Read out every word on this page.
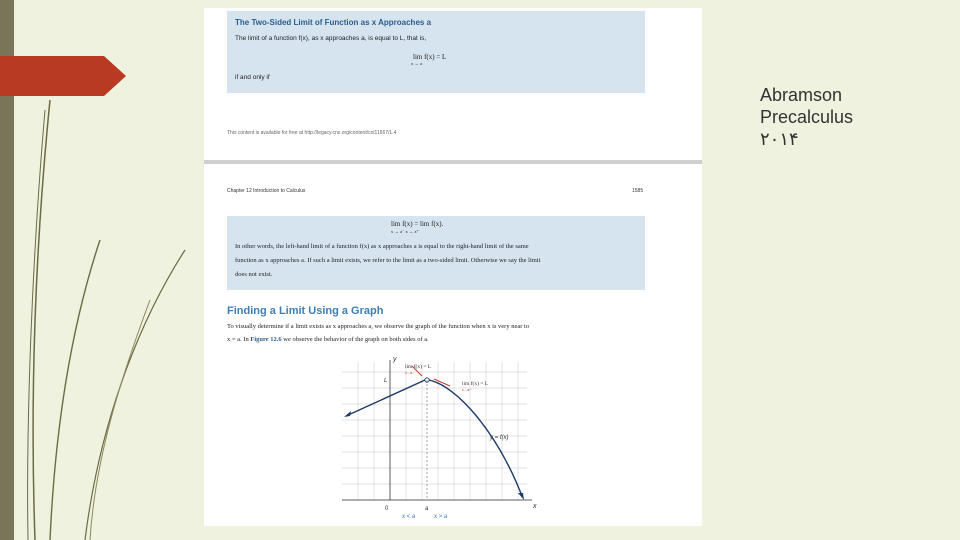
Abramson
Precalculus
٢٠١۴
The Two-Sided Limit of Function as x Approaches a
The limit of a function f(x), as x approaches a, is equal to L, that is,
lim f(x) = L
x → a
if and only if
This content is available for free at http://legacy.cnx.org/content/col11667/1.4
Chapter 12 Introduction to Calculus	1585
lim f(x) = lim f(x).
x → a⁻ x → a⁺
In other words, the left-hand limit of a function f(x) as x approaches a is equal to the right-hand limit of the same
function as x approaches a. If such a limit exists, we refer to the limit as a two-sided limit. Otherwise we say the limit
does not exist.
Finding a Limit Using a Graph
To visually determine if a limit exists as x approaches a, we observe the graph of the function when x is very near to
x = a. In Figure 12.6 we observe the behavior of the graph on both sides of a.
y
x
L
0	a
lim f(x) = L
x→a⁻
lim f(x) = L
x→a⁺
y = f(x)
x < a	x > a
